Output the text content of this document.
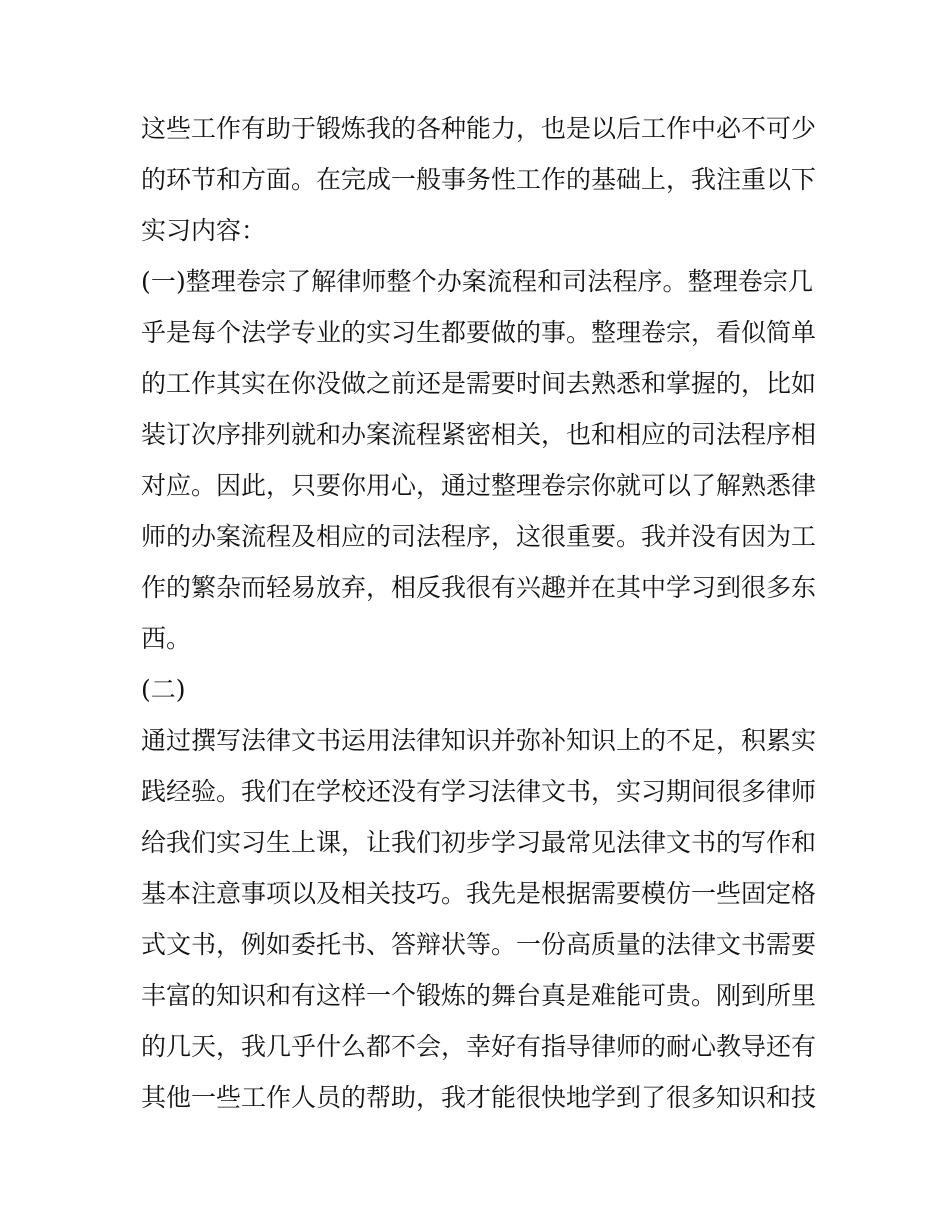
这些工作有助于锻炼我的各种能力，也是以后工作中必不可少
的环节和方面。在完成一般事务性工作的基础上，我注重以下
实习内容：
(一)整理卷宗了解律师整个办案流程和司法程序。整理卷宗几
乎是每个法学专业的实习生都要做的事。整理卷宗，看似简单
的工作其实在你没做之前还是需要时间去熟悉和掌握的，比如
装订次序排列就和办案流程紧密相关，也和相应的司法程序相
对应。因此，只要你用心，通过整理卷宗你就可以了解熟悉律
师的办案流程及相应的司法程序，这很重要。我并没有因为工
作的繁杂而轻易放弃，相反我很有兴趣并在其中学习到很多东
西。
(二)
通过撰写法律文书运用法律知识并弥补知识上的不足，积累实
践经验。我们在学校还没有学习法律文书，实习期间很多律师
给我们实习生上课，让我们初步学习最常见法律文书的写作和
基本注意事项以及相关技巧。我先是根据需要模仿一些固定格
式文书，例如委托书、答辩状等。一份高质量的法律文书需要
丰富的知识和有这样一个锻炼的舞台真是难能可贵。刚到所里
的几天，我几乎什么都不会，幸好有指导律师的耐心教导还有
其他一些工作人员的帮助，我才能很快地学到了很多知识和技
